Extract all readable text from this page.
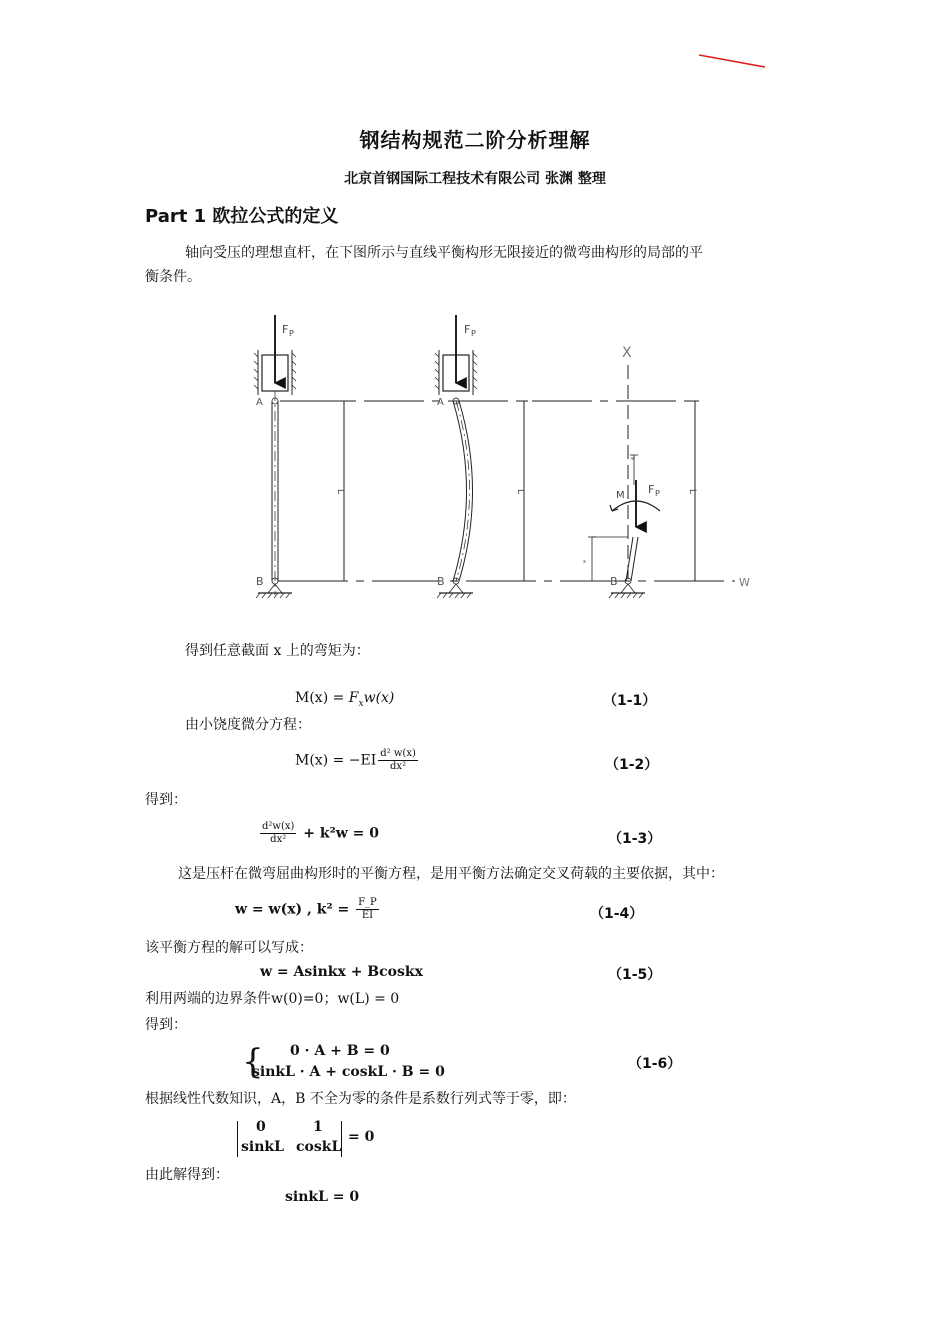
钢结构规范二阶分析理解
北京首钢国际工程技术有限公司 张渊 整理
Part 1 欧拉公式的定义
轴向受压的理想直杆，在下图所示与直线平衡构形无限接近的微弯曲构形的局部的平
衡条件。
F P
A
B
L
F P
A
B
L
X
W
F P
M
B
x
w
L
得到任意截面 x 上的弯矩为：
$M(x) = F_xw(x)$	（1-1）
由小饶度微分方程：
$M(x) = -EI \frac{\text{d² w(x)}}{\text{dx²}}$	（1-2）
得到：
$\frac{\text{d²w(x)}}{\text{dx²}} + k^2w = 0$	（1-3）
这是压杆在微弯屈曲构形时的平衡方程，是用平衡方法确定交叉荷载的主要依据，其中：
w = w(x) , $k^2 = \frac{F\_P}{EI}$	（1-4）
该平衡方程的解可以写成：
w = Asinkx + Bcoskx	（1-5）
利用两端的边界条件w(0)=0；w(L) = 0
得到：
{ 0 · A + B = 0
sinkL · A + coskL · B = 0	（1-6）
根据线性代数知识，A，B 不全为零的条件是系数行列式等于零，即：
0	1
sinkL coskL
= 0
由此解得到：
sinkL = 0
